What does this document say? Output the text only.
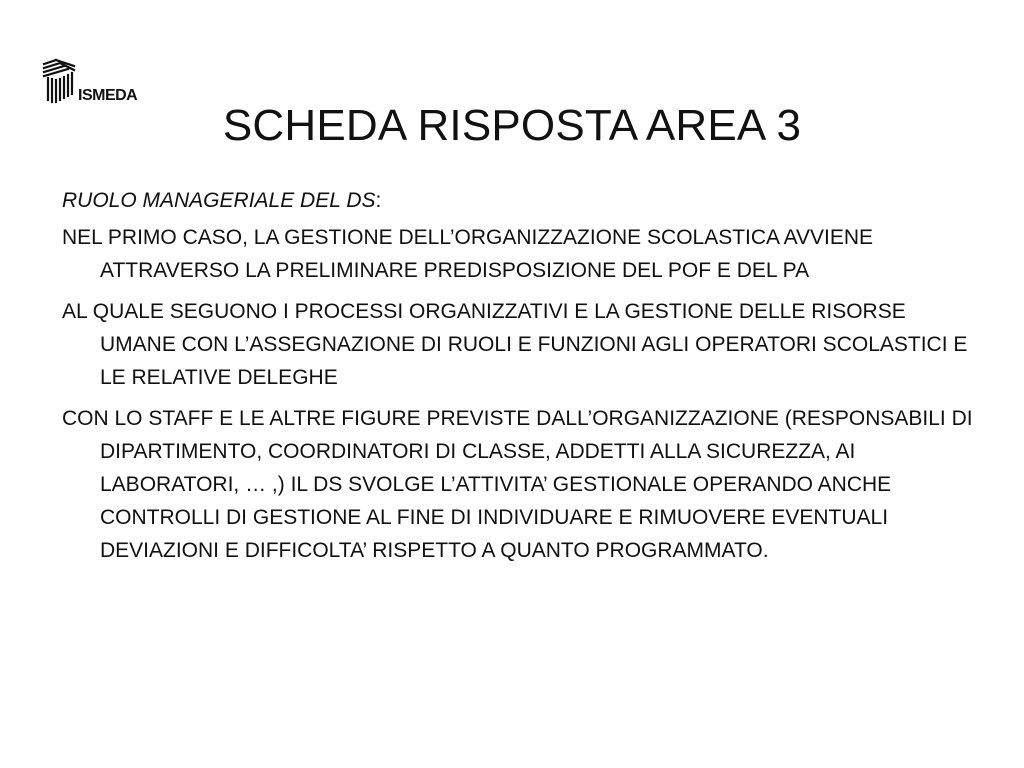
ISMEDA
SCHEDA RISPOSTA AREA 3

RUOLO MANAGERIALE DEL DS:

NEL PRIMO CASO, LA GESTIONE DELL’ORGANIZZAZIONE SCOLASTICA AVVIENE ATTRAVERSO LA PRELIMINARE PREDISPOSIZIONE DEL POF E DEL PA

AL QUALE SEGUONO I PROCESSI ORGANIZZATIVI E LA GESTIONE DELLE RISORSE UMANE CON L’ASSEGNAZIONE DI RUOLI E FUNZIONI AGLI OPERATORI SCOLASTICI E LE RELATIVE DELEGHE

CON LO STAFF E LE ALTRE FIGURE PREVISTE DALL’ORGANIZZAZIONE (RESPONSABILI DI DIPARTIMENTO, COORDINATORI DI CLASSE, ADDETTI ALLA SICUREZZA, AI LABORATORI, … ,) IL DS SVOLGE L’ATTIVITA’ GESTIONALE OPERANDO ANCHE CONTROLLI DI GESTIONE AL FINE DI INDIVIDUARE E RIMUOVERE EVENTUALI DEVIAZIONI E DIFFICOLTA’ RISPETTO A QUANTO PROGRAMMATO.
